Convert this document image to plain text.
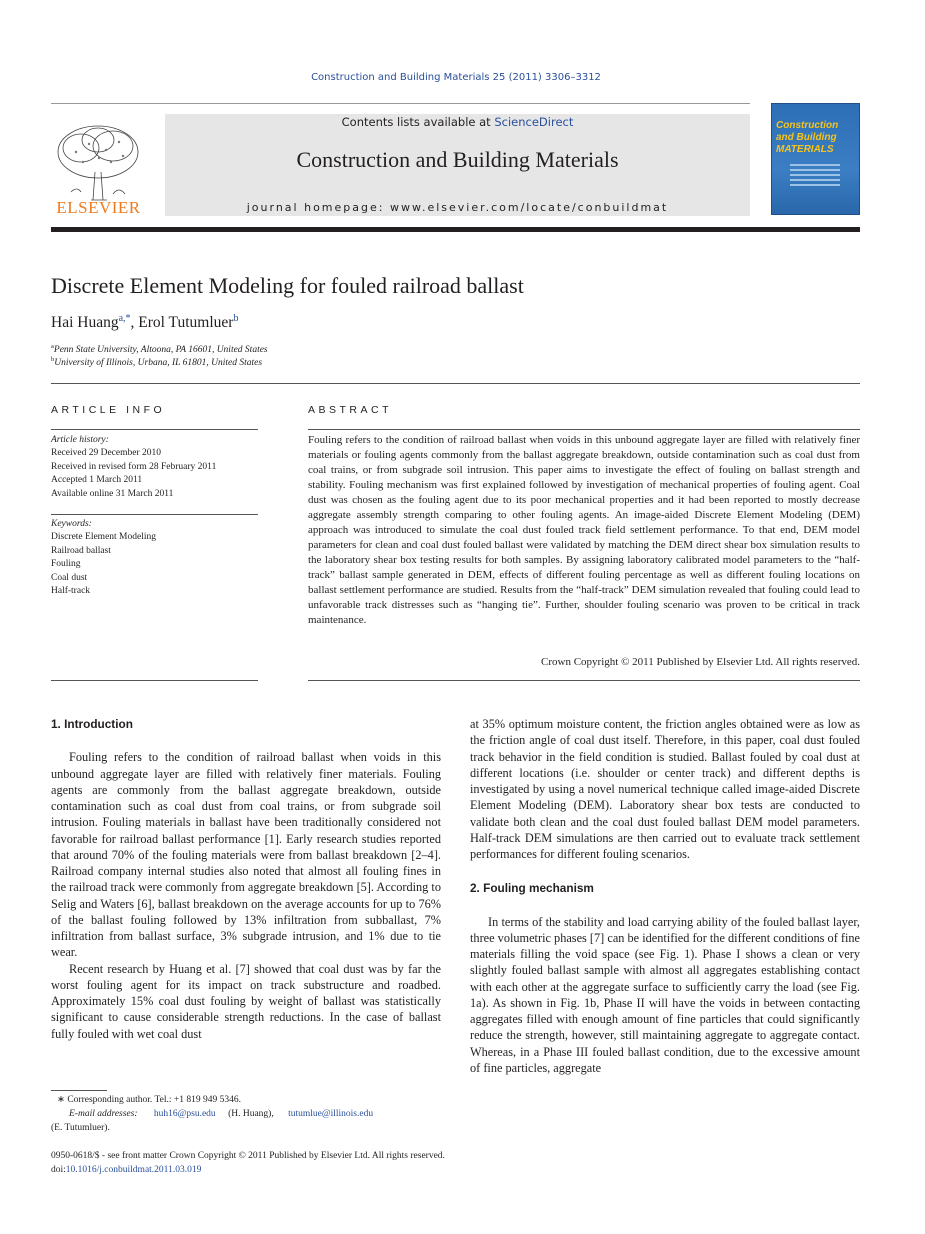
Construction and Building Materials 25 (2011) 3306–3312
ELSEVIER
Contents lists available at ScienceDirect
Construction and Building Materials
journal homepage: www.elsevier.com/locate/conbuildmat
Construction and Building MATERIALS
Discrete Element Modeling for fouled railroad ballast
Hai Huang$^{a,*}$, Erol Tutumluer$^b$
$^a$Penn State University, Altoona, PA 16601, United States
$^b$University of Illinois, Urbana, IL 61801, United States
ARTICLE INFO	ABSTRACT
Article history:
Received 29 December 2010
Received in revised form 28 February 2011
Accepted 1 March 2011
Available online 31 March 2011
Keywords:
Discrete Element Modeling
Railroad ballast
Fouling
Coal dust
Half-track
Fouling refers to the condition of railroad ballast when voids in this unbound aggregate layer are filled with relatively finer materials or fouling agents commonly from the ballast aggregate breakdown, outside contamination such as coal dust from coal trains, or from subgrade soil intrusion. This paper aims to investigate the effect of fouling on ballast strength and stability. Fouling mechanism was first explained followed by investigation of mechanical properties of fouling agent. Coal dust was chosen as the fouling agent due to its poor mechanical properties and it had been reported to mostly decrease aggregate assembly strength comparing to other fouling agents. An image-aided Discrete Element Modeling (DEM) approach was introduced to simulate the coal dust fouled track field settlement performance. To that end, DEM model parameters for clean and coal dust fouled ballast were validated by matching the DEM direct shear box simulation results to the laboratory shear box testing results for both samples. By assigning laboratory calibrated model parameters to the “half-track” ballast sample generated in DEM, effects of different fouling percentage as well as different fouling locations on ballast settlement performance are studied. Results from the “half-track” DEM simulation revealed that fouling could lead to unfavorable track distresses such as “hanging tie”. Further, shoulder fouling scenario was proven to be critical in track maintenance.
Crown Copyright © 2011 Published by Elsevier Ltd. All rights reserved.
1. Introduction

Fouling refers to the condition of railroad ballast when voids in this unbound aggregate layer are filled with relatively finer materials. Fouling agents are commonly from the ballast aggregate breakdown, outside contamination such as coal dust from coal trains, or from subgrade soil intrusion. Fouling materials in ballast have been traditionally considered not favorable for railroad ballast performance [1]. Early research studies reported that around 70% of the fouling materials were from ballast breakdown [2–4]. Railroad company internal studies also noted that almost all fouling fines in the railroad track were commonly from aggregate breakdown [5]. According to Selig and Waters [6], ballast breakdown on the average accounts for up to 76% of the ballast fouling followed by 13% infiltration from subballast, 7% infiltration from ballast surface, 3% subgrade intrusion, and 1% due to tie wear.

Recent research by Huang et al. [7] showed that coal dust was by far the worst fouling agent for its impact on track substructure and roadbed. Approximately 15% coal dust fouling by weight of ballast was statistically significant to cause considerable strength reductions. In the case of ballast fully fouled with wet coal dust

at 35% optimum moisture content, the friction angles obtained were as low as the friction angle of coal dust itself. Therefore, in this paper, coal dust fouled track behavior in the field condition is studied. Ballast fouled by coal dust at different locations (i.e. shoulder or center track) and different depths is investigated by using a novel numerical technique called image-aided Discrete Element Modeling (DEM). Laboratory shear box tests are conducted to validate both clean and the coal dust fouled ballast DEM model parameters. Half-track DEM simulations are then carried out to evaluate track settlement performances for different fouling scenarios.

2. Fouling mechanism

In terms of the stability and load carrying ability of the fouled ballast layer, three volumetric phases [7] can be identified for the different conditions of fine materials filling the void space (see Fig. 1). Phase I shows a clean or very slightly fouled ballast sample with almost all aggregates establishing contact with each other at the aggregate surface to sufficiently carry the load (see Fig. 1a). As shown in Fig. 1b, Phase II will have the voids in between contacting aggregates filled with enough amount of fine particles that could significantly reduce the strength, however, still maintaining aggregate to aggregate contact. Whereas, in a Phase III fouled ballast condition, due to the excessive amount of fine particles, aggregate

∗ Corresponding author. Tel.: +1 819 949 5346.
E-mail addresses: huh16@psu.edu (H. Huang), tutumlue@illinois.edu
(E. Tutumluer).
0950-0618/$ - see front matter Crown Copyright © 2011 Published by Elsevier Ltd. All rights reserved.
doi:10.1016/j.conbuildmat.2011.03.019
